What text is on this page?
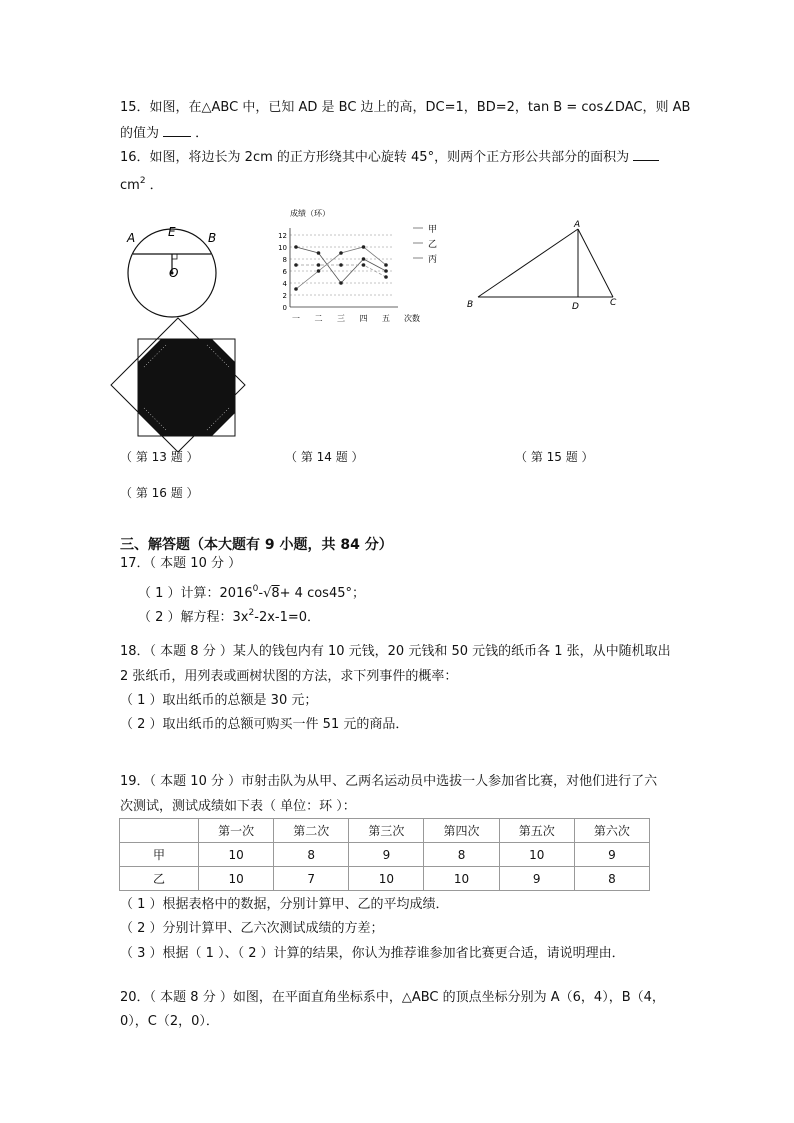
15．如图，在△ABC 中，已知 AD 是 BC 边上的高，DC=1，BD=2，tan B = cos∠DAC，则 AB
的值为 ．
16．如图，将边长为 2cm 的正方形绕其中心旋转 45°，则两个正方形公共部分的面积为
$cm^2$ ．
A	E	B
O
成绩（环）
12
10
8
6
4
2
0
一 二 三 四 五 次数
甲
乙
丙
A
B	D	C
（ 第 13 题 ）	（ 第 14 题 ）	（ 第 15 题 ）
（ 第 16 题 ）
三、解答题（本大题有 9 小题，共 84 分）
17．（ 本题 10 分 ）
（ 1 ）计算：$2016^0-√8+ 4$ cos45°；
（ 2 ）解方程：$3x^2-2x-1=0$．
18．（ 本题 8 分 ）某人的钱包内有 10 元钱，20 元钱和 50 元钱的纸币各 1 张，从中随机取出
2 张纸币，用列表或画树状图的方法，求下列事件的概率：
（ 1 ）取出纸币的总额是 30 元；
（ 2 ）取出纸币的总额可购买一件 51 元的商品．
19．（ 本题 10 分 ）市射击队为从甲、乙两名运动员中选拔一人参加省比赛，对他们进行了六
次测试，测试成绩如下表（ 单位：环 ）：
	第一次	第二次	第三次	第四次	第五次	第六次
甲	10	8	9	8	10	9
乙	10	7	10	10	9	8
（ 1 ）根据表格中的数据，分别计算甲、乙的平均成绩．
（ 2 ）分别计算甲、乙六次测试成绩的方差；
（ 3 ）根据（ 1 ）、（ 2 ）计算的结果，你认为推荐谁参加省比赛更合适，请说明理由．
20．（ 本题 8 分 ）如图，在平面直角坐标系中，△ABC 的顶点坐标分别为 A（6，4），B（4，
0），C（2，0）．
